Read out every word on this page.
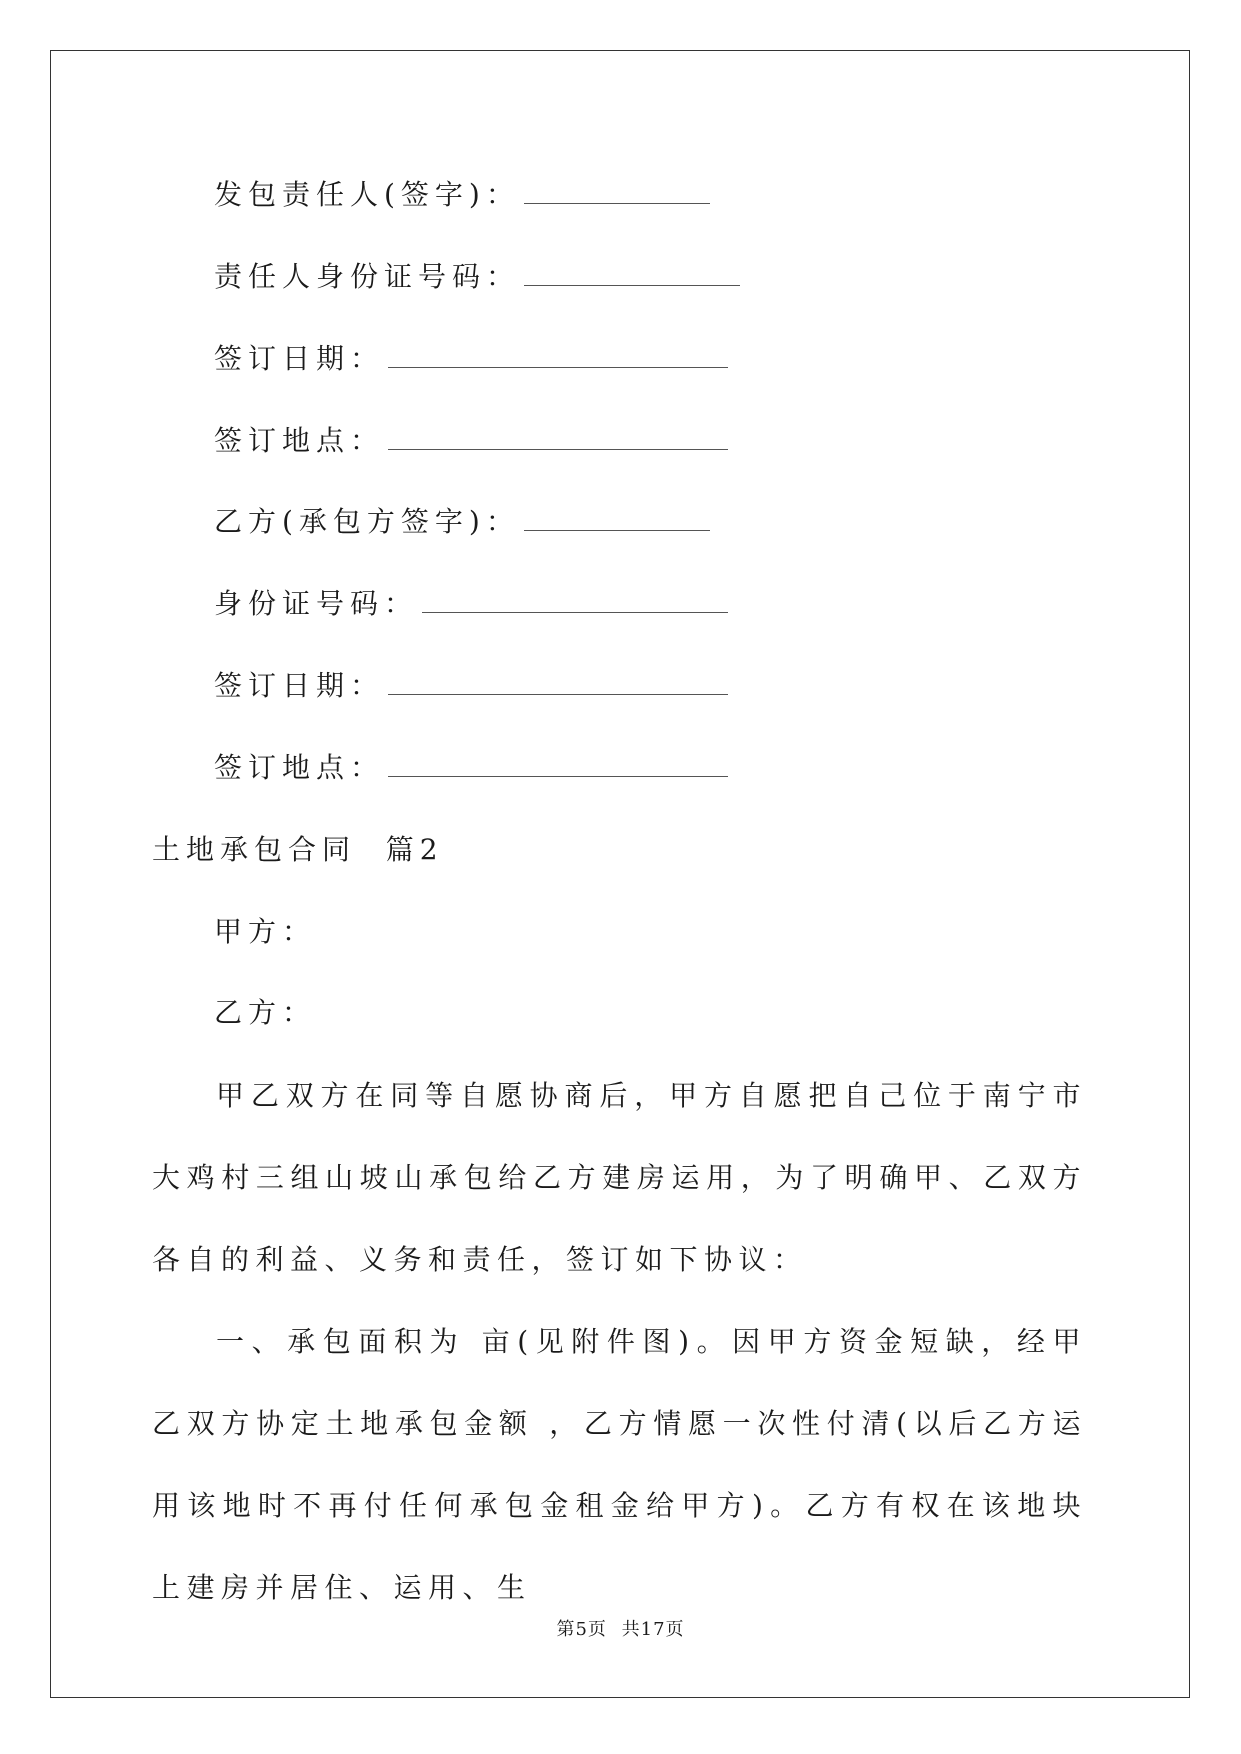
发包责任人(签字)：
责任人身份证号码：
签订日期：
签订地点：
乙方(承包方签字)：
身份证号码：
签订日期：
签订地点：
土地承包合同  篇2
甲方：
乙方：
甲乙双方在同等自愿协商后，甲方自愿把自己位于南宁市大鸡村三组山坡山承包给乙方建房运用，为了明确甲、乙双方各自的利益、义务和责任，签订如下协议：
一、承包面积为 亩(见附件图)。因甲方资金短缺，经甲乙双方协定土地承包金额 ，乙方情愿一次性付清(以后乙方运用该地时不再付任何承包金租金给甲方)。乙方有权在该地块上建房并居住、运用、生
第5页 共17页
